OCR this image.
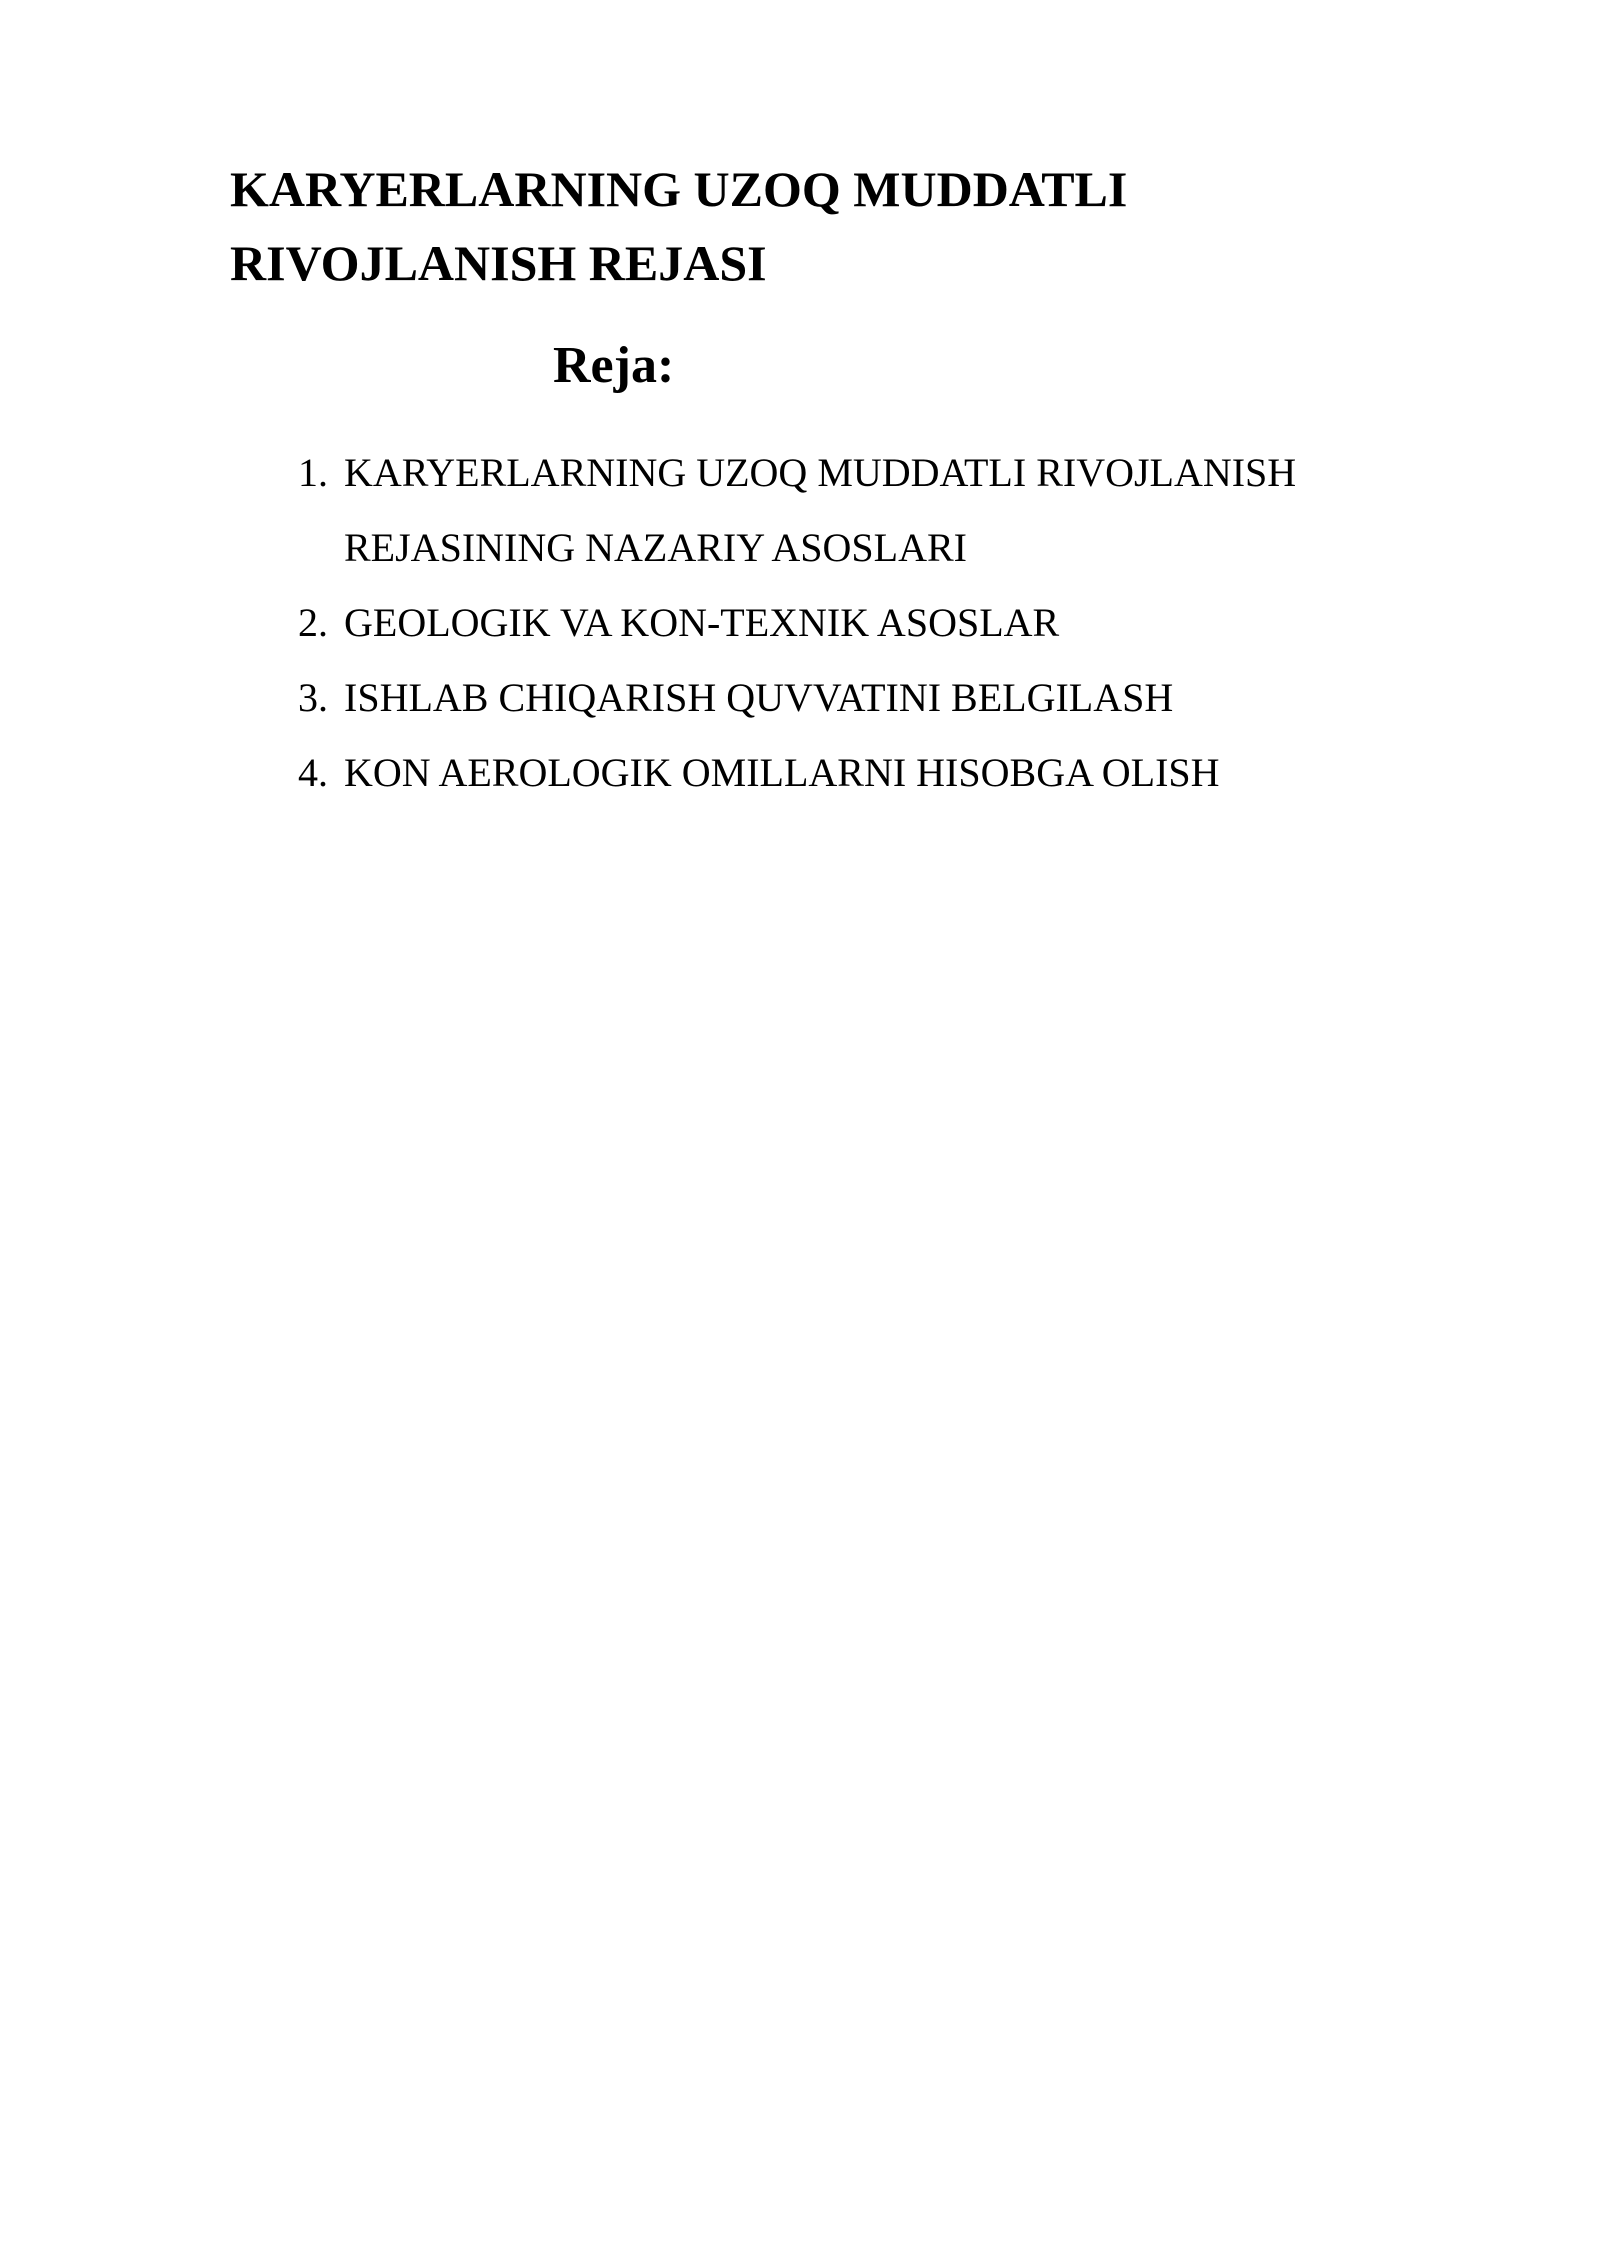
KARYERLARNING UZOQ MUDDATLI
RIVOJLANISH REJASI
Reja:
1. KARYERLARNING UZOQ MUDDATLI RIVOJLANISH
REJASINING NAZARIY ASOSLARI
2. GEOLOGIK VA KON-TEXNIK ASOSLAR
3. ISHLAB CHIQARISH QUVVATINI BELGILASH
4. KON AEROLOGIK OMILLARNI HISOBGA OLISH
